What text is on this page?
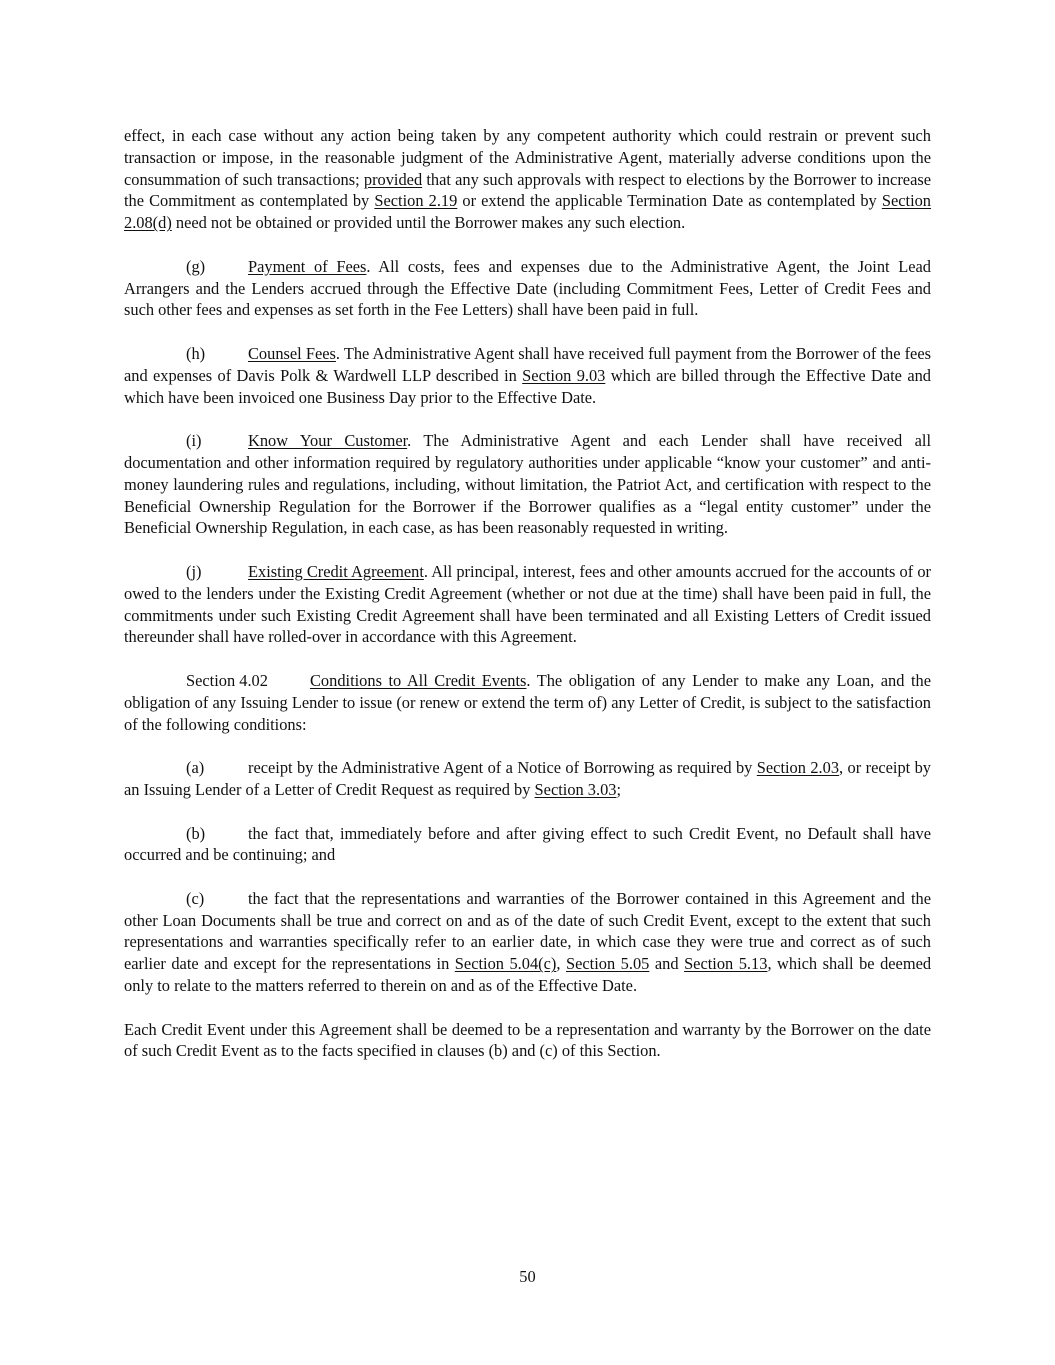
effect, in each case without any action being taken by any competent authority which could restrain or prevent such transaction or impose, in the reasonable judgment of the Administrative Agent, materially adverse conditions upon the consummation of such transactions; provided that any such approvals with respect to elections by the Borrower to increase the Commitment as contemplated by Section 2.19 or extend the applicable Termination Date as contemplated by Section 2.08(d) need not be obtained or provided until the Borrower makes any such election.

(g)	Payment of Fees. All costs, fees and expenses due to the Administrative Agent, the Joint Lead Arrangers and the Lenders accrued through the Effective Date (including Commitment Fees, Letter of Credit Fees and such other fees and expenses as set forth in the Fee Letters) shall have been paid in full.

(h)	Counsel Fees. The Administrative Agent shall have received full payment from the Borrower of the fees and expenses of Davis Polk & Wardwell LLP described in Section 9.03 which are billed through the Effective Date and which have been invoiced one Business Day prior to the Effective Date.

(i)	Know Your Customer. The Administrative Agent and each Lender shall have received all documentation and other information required by regulatory authorities under applicable “know your customer” and anti-money laundering rules and regulations, including, without limitation, the Patriot Act, and certification with respect to the Beneficial Ownership Regulation for the Borrower if the Borrower qualifies as a “legal entity customer” under the Beneficial Ownership Regulation, in each case, as has been reasonably requested in writing.

(j)	Existing Credit Agreement. All principal, interest, fees and other amounts accrued for the accounts of or owed to the lenders under the Existing Credit Agreement (whether or not due at the time) shall have been paid in full, the commitments under such Existing Credit Agreement shall have been terminated and all Existing Letters of Credit issued thereunder shall have rolled-over in accordance with this Agreement.

Section 4.02	Conditions to All Credit Events. The obligation of any Lender to make any Loan, and the obligation of any Issuing Lender to issue (or renew or extend the term of) any Letter of Credit, is subject to the satisfaction of the following conditions:

(a)	receipt by the Administrative Agent of a Notice of Borrowing as required by Section 2.03, or receipt by an Issuing Lender of a Letter of Credit Request as required by Section 3.03;

(b)	the fact that, immediately before and after giving effect to such Credit Event, no Default shall have occurred and be continuing; and

(c)	the fact that the representations and warranties of the Borrower contained in this Agreement and the other Loan Documents shall be true and correct on and as of the date of such Credit Event, except to the extent that such representations and warranties specifically refer to an earlier date, in which case they were true and correct as of such earlier date and except for the representations in Section 5.04(c), Section 5.05 and Section 5.13, which shall be deemed only to relate to the matters referred to therein on and as of the Effective Date.

Each Credit Event under this Agreement shall be deemed to be a representation and warranty by the Borrower on the date of such Credit Event as to the facts specified in clauses (b) and (c) of this Section.

50
